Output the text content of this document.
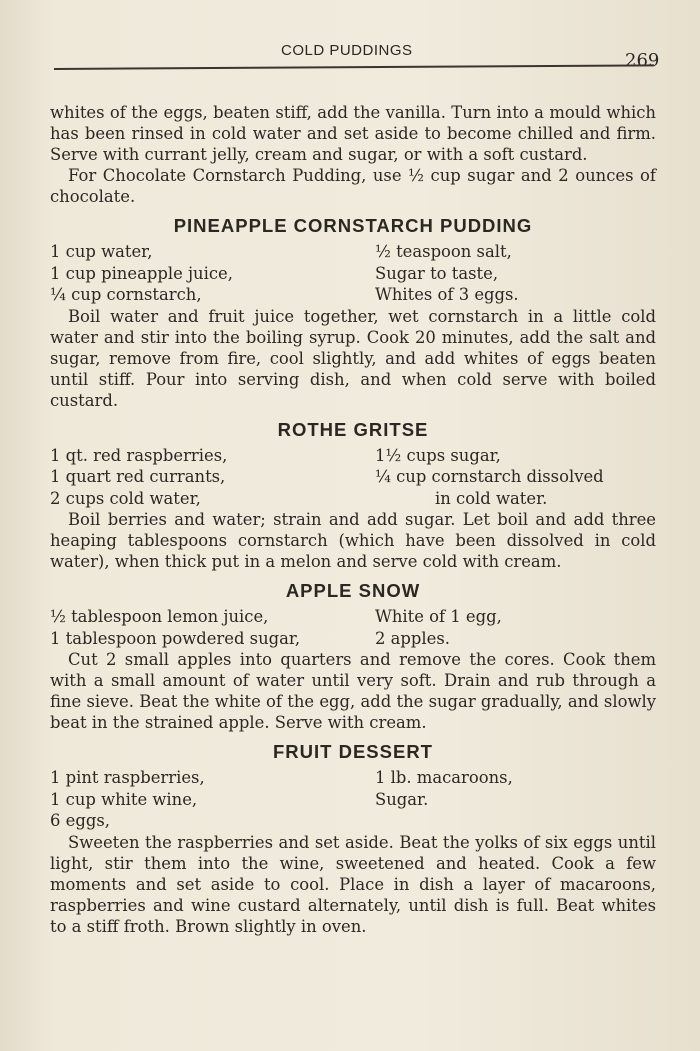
COLD PUDDINGS	269

whites of the eggs, beaten stiff, add the vanilla. Turn into a mould which has been rinsed in cold water and set aside to become chilled and firm. Serve with currant jelly, cream and sugar, or with a soft custard.

For Chocolate Cornstarch Pudding, use ½ cup sugar and 2 ounces of chocolate.

PINEAPPLE CORNSTARCH PUDDING
1 cup water,
1 cup pineapple juice,
¼ cup cornstarch,
½ teaspoon salt,
Sugar to taste,
Whites of 3 eggs.

Boil water and fruit juice together, wet cornstarch in a little cold water and stir into the boiling syrup. Cook 20 minutes, add the salt and sugar, remove from fire, cool slightly, and add whites of eggs beaten until stiff. Pour into serving dish, and when cold serve with boiled custard.

ROTHE GRITSE
1 qt. red raspberries,
1 quart red currants,
2 cups cold water,
1½ cups sugar,
¼ cup cornstarch dissolved
in cold water.

Boil berries and water; strain and add sugar. Let boil and add three heaping tablespoons cornstarch (which have been dissolved in cold water), when thick put in a melon and serve cold with cream.

APPLE SNOW
½ tablespoon lemon juice,
1 tablespoon powdered sugar,
White of 1 egg,
2 apples.

Cut 2 small apples into quarters and remove the cores. Cook them with a small amount of water until very soft. Drain and rub through a fine sieve. Beat the white of the egg, add the sugar gradually, and slowly beat in the strained apple. Serve with cream.

FRUIT DESSERT
1 pint raspberries,
1 cup white wine,
6 eggs,
1 lb. macaroons,
Sugar.

Sweeten the raspberries and set aside. Beat the yolks of six eggs until light, stir them into the wine, sweetened and heated. Cook a few moments and set aside to cool. Place in dish a layer of macaroons, raspberries and wine custard alternately, until dish is full. Beat whites to a stiff froth. Brown slightly in oven.
